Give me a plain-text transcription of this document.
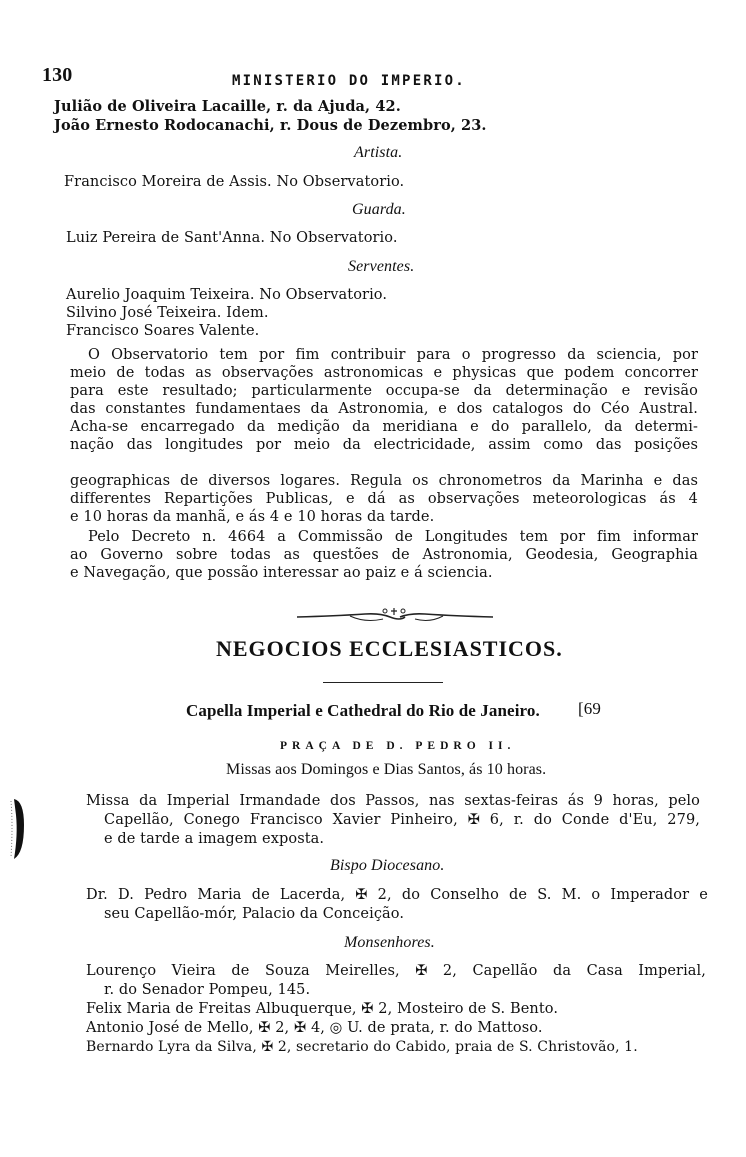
130	MINISTERIO DO IMPERIO.
Julião de Oliveira Lacaille, r. da Ajuda, 42.
João Ernesto Rodocanachi, r. Dous de Dezembro, 23.
Artista.
Francisco Moreira de Assis. No Observatorio.
Guarda.
Luiz Pereira de Sant'Anna. No Observatorio.
Serventes.
Aurelio Joaquim Teixeira. No Observatorio.
Silvino José Teixeira. Idem.
Francisco Soares Valente.
O Observatorio tem por fim contribuir para o progresso da sciencia, por
meio de todas as observações astronomicas e physicas que podem concorrer
para este resultado; particularmente occupa-se da determinação e revisão
das constantes fundamentaes da Astronomia, e dos catalogos do Céo Austral.
Acha-se encarregado da medição da meridiana e do parallelo, da determi-
nação das longitudes por meio da electricidade, assim como das posições
geographicas de diversos logares. Regula os chronometros da Marinha e das
differentes Repartições Publicas, e dá as observações meteorologicas ás 4
e 10 horas da manhã, e ás 4 e 10 horas da tarde.
Pelo Decreto n. 4664 a Commissão de Longitudes tem por fim informar
ao Governo sobre todas as questões de Astronomia, Geodesia, Geographia
e Navegação, que possão interessar ao paiz e á sciencia.
NEGOCIOS ECCLESIASTICOS.
Capella Imperial e Cathedral do Rio de Janeiro. [69
PRAÇA DE D. PEDRO II.
Missas aos Domingos e Dias Santos, ás 10 horas.
Missa da Imperial Irmandade dos Passos, nas sextas-feiras ás 9 horas, pelo
Capellão, Conego Francisco Xavier Pinheiro, ✠ 6, r. do Conde d'Eu, 279,
e de tarde a imagem exposta.
Bispo Diocesano.
Dr. D. Pedro Maria de Lacerda, ✠ 2, do Conselho de S. M. o Imperador e
seu Capellão-mór, Palacio da Conceição.
Monsenhores.
Lourenço Vieira de Souza Meirelles, ✠ 2, Capellão da Casa Imperial,
r. do Senador Pompeu, 145.
Felix Maria de Freitas Albuquerque, ✠ 2, Mosteiro de S. Bento.
Antonio José de Mello, ✠ 2, ✠ 4, ◎ U. de prata, r. do Mattoso.
Bernardo Lyra da Silva, ✠ 2, secretario do Cabido, praia de S. Christovão, 1.
